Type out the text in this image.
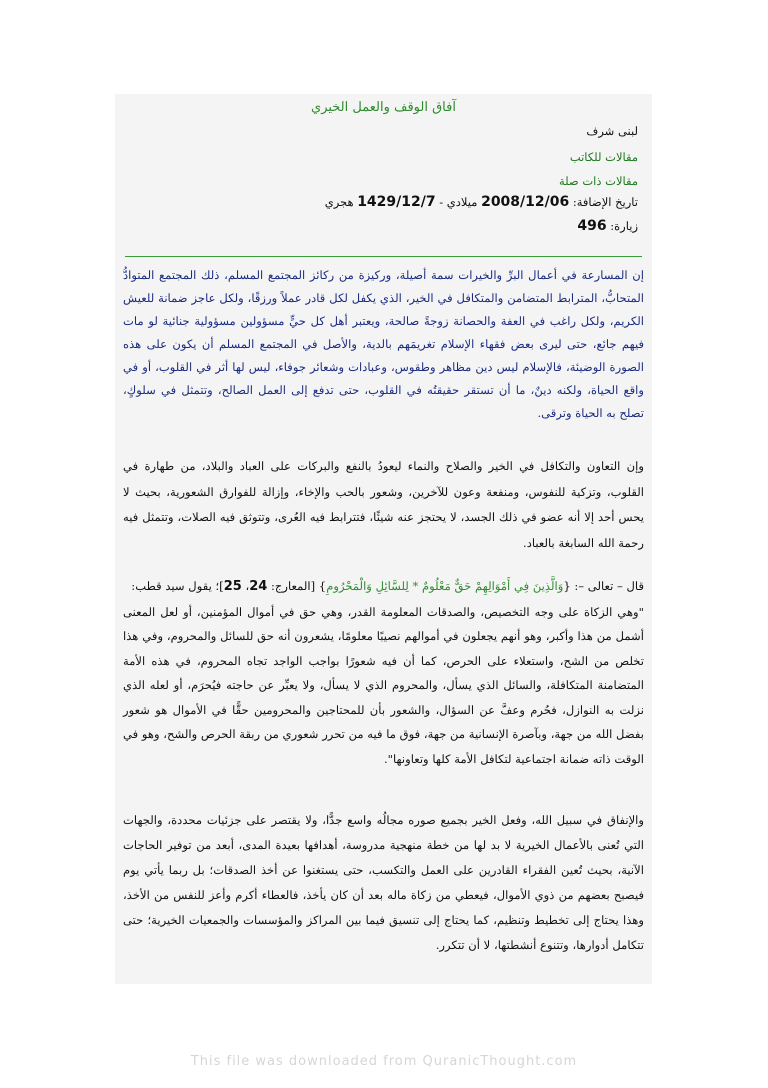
آفاق الوقف والعمل الخيري
لبنى شرف
مقالات للكاتب
مقالات ذات صلة
تاريخ الإضافة: 2008/12/06 ميلادي - 1429/12/7 هجري
زيارة: 496

إن المسارعة في أعمال البرِّ والخيرات سمة أصيلة، وركيزة من ركائز المجتمع المسلم، ذلك المجتمع المتوادُّ المتحابُّ، المترابط المتضامن والمتكافل في الخير، الذي يكفل لكل قادر عملاً ورزقًا، ولكل عاجز ضمانة للعيش الكريم، ولكل راغب في العفة والحصانة زوجةً صالحة، ويعتبر أهل كل حيٍّ مسؤولين مسؤولية جنائية لو مات فيهم جائع، حتى ليرى بعض فقهاء الإسلام تغريمَهم بالدية، والأصل في المجتمع المسلم أن يكون على هذه الصورة الوضيئة، فالإسلام ليس دين مظاهر وطقوس، وعبادات وشعائر جوفاء، ليس لها أثر في القلوب، أو في واقع الحياة، ولكنه دينٌ، ما أن تستقر حقيقتُه في القلوب، حتى تدفع إلى العمل الصالح، وتتمثل في سلوكٍ، تصلح به الحياة وترقى.

وإن التعاون والتكافل في الخير والصلاح والنماء ليعودُ بالنفع والبركات على العباد والبلاد، من طهارة في القلوب، وتزكية للنفوس، ومنفعة وعون للآخرين، وشعور بالحب والإخاء، وإزالة للفوارق الشعورية، بحيث لا يحس أحد إلا أنه عضو في ذلك الجسد، لا يحتجز عنه شيئًا، فتترابط فيه العُرى، وتتوثق فيه الصلات، وتتمثل فيه رحمة الله السابغة بالعباد.

قال – تعالى –: {وَالَّذِينَ فِي أَمْوَالِهِمْ حَقٌّ مَعْلُومٌ * لِلسَّائِلِ وَالْمَحْرُومِ} [المعارج: 24، 25]؛ يقول سيد قطب:
"وهي الزكاة على وجه التخصيص، والصدقات المعلومة القدر، وهي حق في أموال المؤمنين، أو لعل المعنى أشمل من هذا وأكبر، وهو أنهم يجعلون في أموالهم نصيبًا معلومًا، يشعرون أنه حق للسائل والمحروم، وفي هذا تخلص من الشح، واستعلاء على الحرص، كما أن فيه شعورًا بواجب الواجد تجاه المحروم، في هذه الأمة المتضامنة المتكافلة، والسائل الذي يسأل، والمحروم الذي لا يسأل، ولا يعبِّر عن حاجته فيُحرَم، أو لعله الذي نزلت به النوازل، فحُرم وعفَّ عن السؤال، والشعور بأن للمحتاجين والمحرومين حقًّا في الأموال هو شعور بفضل الله من جهة، وبآصرة الإنسانية من جهة، فوق ما فيه من تحرر شعوري من ربقة الحرص والشح، وهو في الوقت ذاته ضمانة اجتماعية لتكافل الأمة كلها وتعاونها".

والإنفاق في سبيل الله، وفعل الخير بجميع صوره مجالُه واسع جدًّا، ولا يقتصر على جزئيات محددة، والجهات التي تُعنى بالأعمال الخيرية لا بد لها من خطة منهجية مدروسة، أهدافها بعيدة المدى، أبعد من توفير الحاجات الآنية، بحيث تُعين الفقراء القادرين على العمل والتكسب، حتى يستغنوا عن أخذ الصدقات؛ بل ربما يأتي يوم فيصبح بعضهم من ذوي الأموال، فيعطي من زكاة ماله بعد أن كان يأخذ، فالعطاء أكرم وأعز للنفس من الأخذ، وهذا يحتاج إلى تخطيط وتنظيم، كما يحتاج إلى تنسيق فيما بين المراكز والمؤسسات والجمعيات الخيرية؛ حتى تتكامل أدوارها، وتتنوع أنشطتها، لا أن تتكرر.

This file was downloaded from QuranicThought.com
